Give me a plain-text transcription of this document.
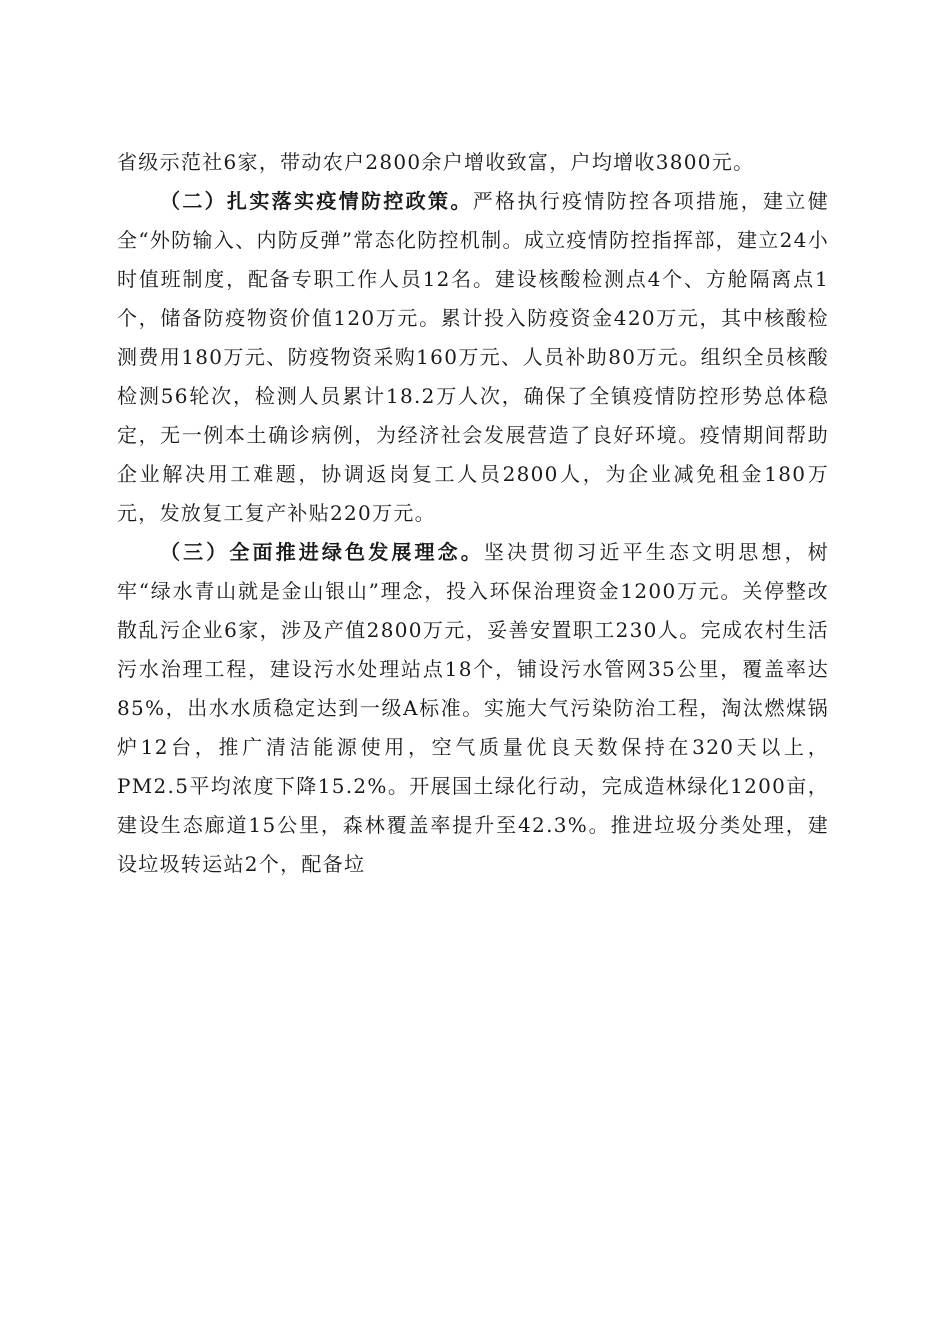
省级示范社6家，带动农户2800余户增收致富，户均增收3800元。

（二）扎实落实疫情防控政策。严格执行疫情防控各项措施，建立健全“外防输入、内防反弹”常态化防控机制。成立疫情防控指挥部，建立24小时值班制度，配备专职工作人员12名。建设核酸检测点4个、方舱隔离点1个，储备防疫物资价值120万元。累计投入防疫资金420万元，其中核酸检测费用180万元、防疫物资采购160万元、人员补助80万元。组织全员核酸检测56轮次，检测人员累计18.2万人次，确保了全镇疫情防控形势总体稳定，无一例本土确诊病例，为经济社会发展营造了良好环境。疫情期间帮助企业解决用工难题，协调返岗复工人员2800人，为企业减免租金180万元，发放复工复产补贴220万元。

（三）全面推进绿色发展理念。坚决贯彻习近平生态文明思想，树牢“绿水青山就是金山银山”理念，投入环保治理资金1200万元。关停整改散乱污企业6家，涉及产值2800万元，妥善安置职工230人。完成农村生活污水治理工程，建设污水处理站点18个，铺设污水管网35公里，覆盖率达85%，出水水质稳定达到一级A标准。实施大气污染防治工程，淘汰燃煤锅炉12台，推广清洁能源使用，空气质量优良天数保持在320天以上，PM2.5平均浓度下降15.2%。开展国土绿化行动，完成造林绿化1200亩，建设生态廊道15公里，森林覆盖率提升至42.3%。推进垃圾分类处理，建设垃圾转运站2个，配备垃
